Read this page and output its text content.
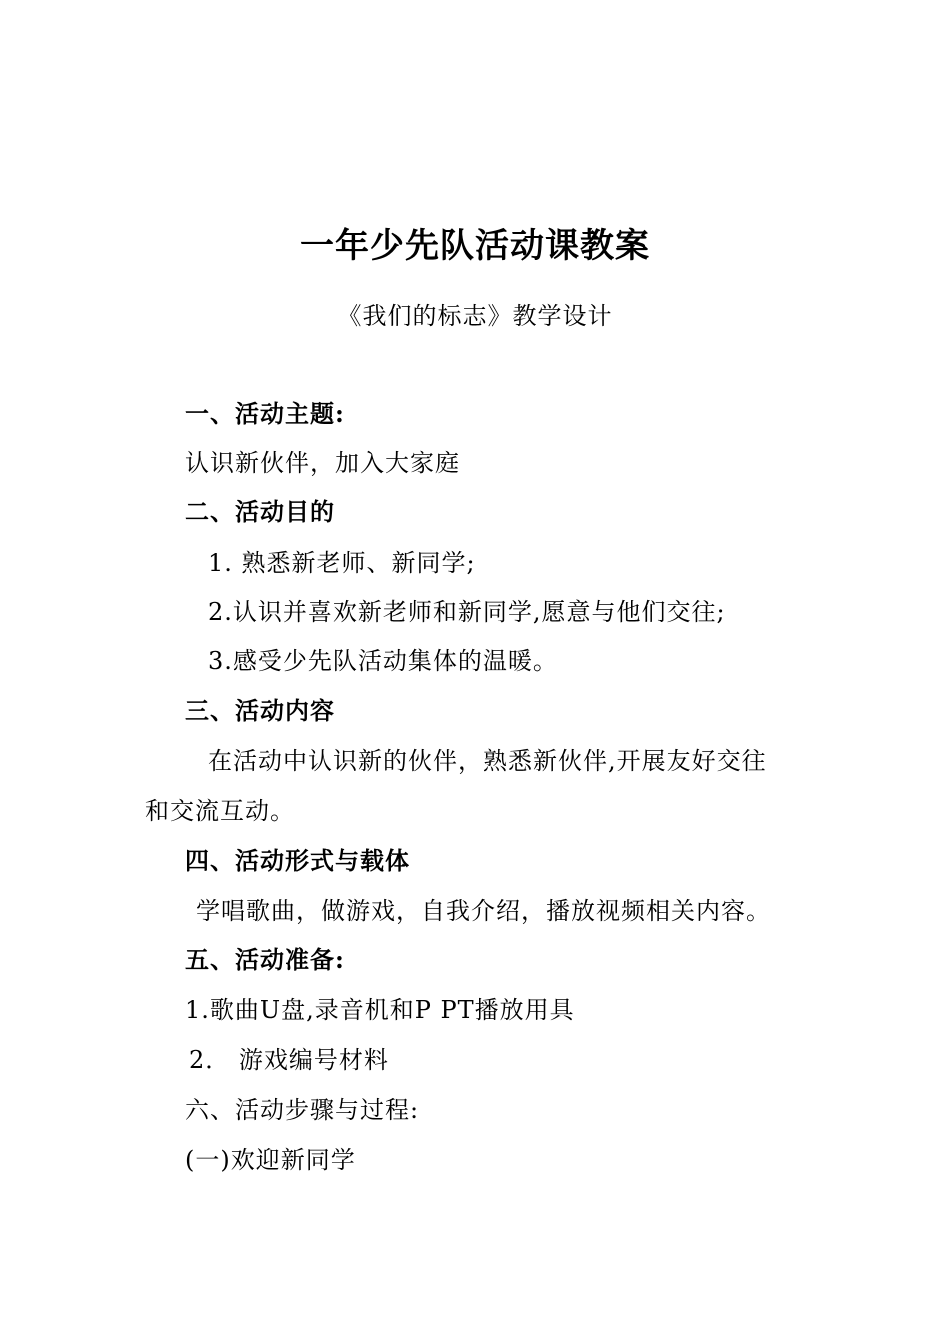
一年少先队活动课教案
《我们的标志》教学设计
一、活动主题:
认识新伙伴，加入大家庭
二、活动目的
1. 熟悉新老师、新同学;
2.认识并喜欢新老师和新同学,愿意与他们交往;
3.感受少先队活动集体的温暖。
三、活动内容
在活动中认识新的伙伴，熟悉新伙伴,开展友好交往
和交流互动。
四、活动形式与载体
学唱歌曲，做游戏，自我介绍，播放视频相关内容。
五、活动准备:
1.歌曲U盘,录音机和P PT播放用具
2． 游戏编号材料
六、活动步骤与过程:
(一)欢迎新同学
